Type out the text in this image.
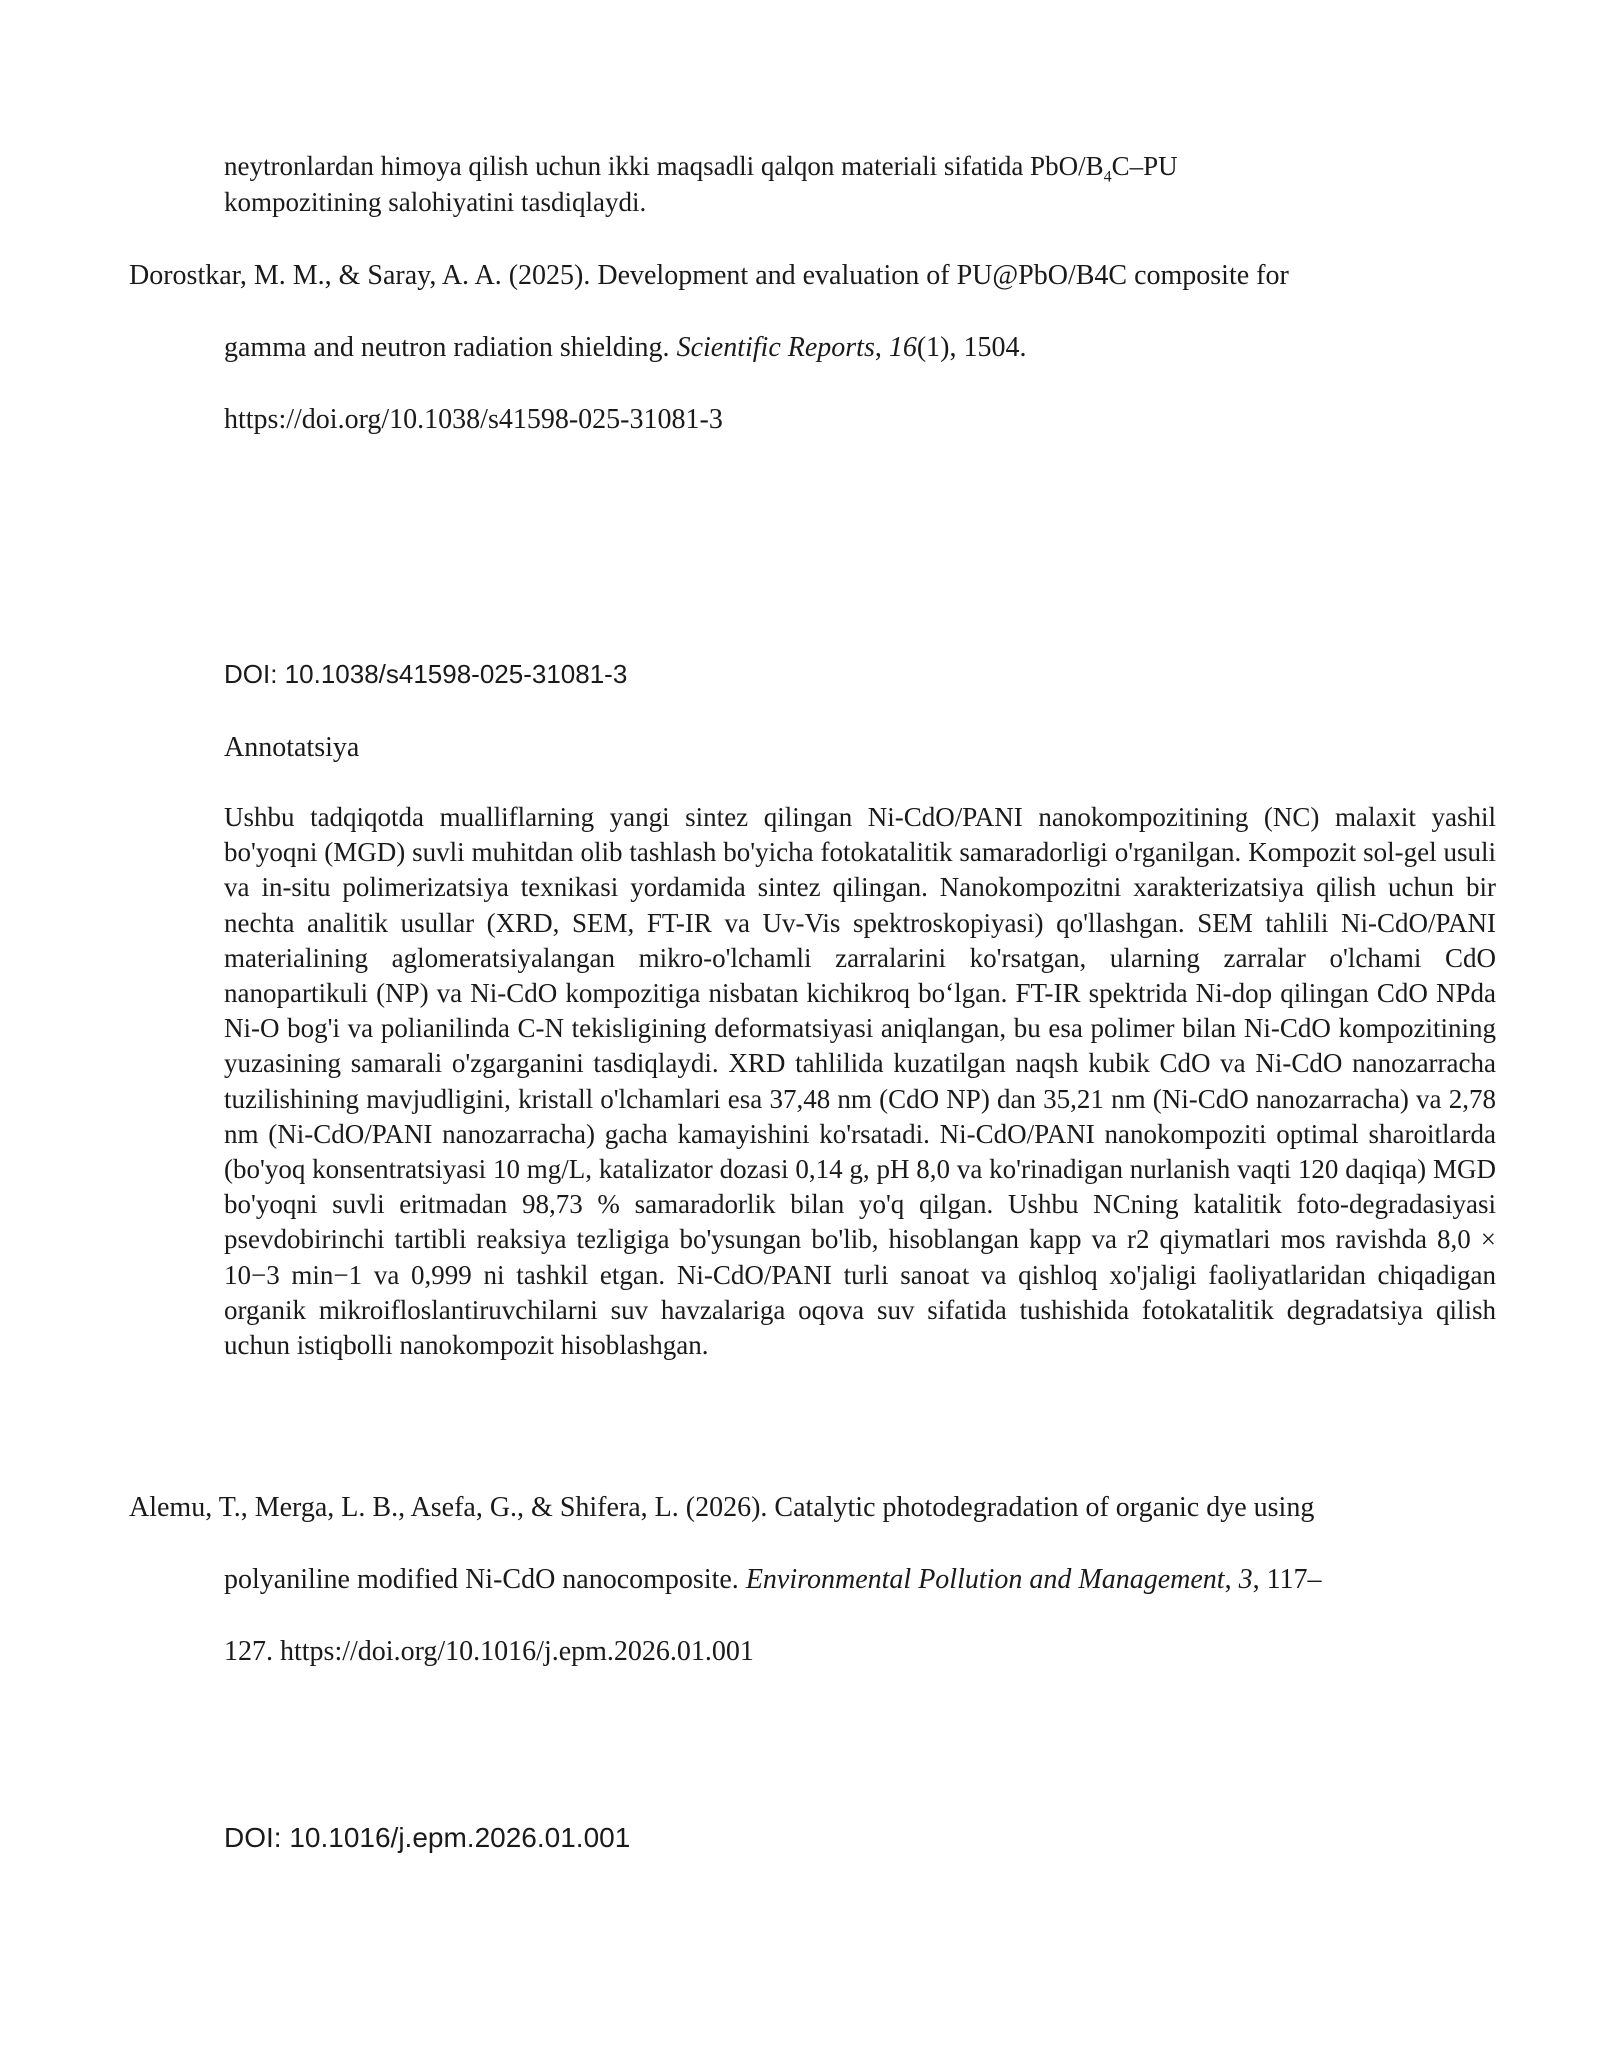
neytronlardan himoya qilish uchun ikki maqsadli qalqon materiali sifatida PbO/$B_4C-PU$
kompozitining salohiyatini tasdiqlaydi.
Dorostkar, M. M., & Saray, A. A. (2025). Development and evaluation of PU@PbO/B4C composite for
gamma and neutron radiation shielding. Scientific Reports, 16(1), 1504.
https://doi.org/10.1038/s41598-025-31081-3
DOI: 10.1038/s41598-025-31081-3
Annotatsiya

Ushbu tadqiqotda mualliflarning yangi sintez qilingan Ni-CdO/PANI nanokompozitining (NC) malaxit yashil bo'yoqni (MGD) suvli muhitdan olib tashlash bo'yicha fotokatalitik samaradorligi o'rganilgan. Kompozit sol-gel usuli va in-situ polimerizatsiya texnikasi yordamida sintez qilingan. Nanokompozitni xarakterizatsiya qilish uchun bir nechta analitik usullar (XRD, SEM, FT-IR va Uv-Vis spektroskopiyasi) qo'llashgan. SEM tahlili Ni-CdO/PANI materialining aglomeratsiyalangan mikro-o'lchamli zarralarini ko'rsatgan, ularning zarralar o'lchami CdO nanopartikuli (NP) va Ni-CdO kompozitiga nisbatan kichikroq bo‘lgan. FT-IR spektrida Ni-dop qilingan CdO NPda Ni-O bog'i va polianilinda C-N tekisligining deformatsiyasi aniqlangan, bu esa polimer bilan Ni-CdO kompozitining yuzasining samarali o'zgarganini tasdiqlaydi. XRD tahlilida kuzatilgan naqsh kubik CdO va Ni-CdO nanozarracha tuzilishining mavjudligini, kristall o'lchamlari esa 37,48 nm (CdO NP) dan 35,21 nm (Ni-CdO nanozarracha) va 2,78 nm (Ni-CdO/PANI nanozarracha) gacha kamayishini ko'rsatadi. Ni-CdO/PANI nanokompoziti optimal sharoitlarda (bo'yoq konsentratsiyasi 10 mg/L, katalizator dozasi 0,14 g, pH 8,0 va ko'rinadigan nurlanish vaqti 120 daqiqa) MGD bo'yoqni suvli eritmadan 98,73 % samaradorlik bilan yo'q qilgan. Ushbu NCning katalitik foto-degradasiyasi psevdobirinchi tartibli reaksiya tezligiga bo'ysungan bo'lib, hisoblangan kapp va r2 qiymatlari mos ravishda 8,0 × 10−3 min−1 va 0,999 ni tashkil etgan. Ni-CdO/PANI turli sanoat va qishloq xo'jaligi faoliyatlaridan chiqadigan organik mikroifloslantiruvchilarni suv havzalariga oqova suv sifatida tushishida fotokatalitik degradatsiya qilish uchun istiqbolli nanokompozit hisoblashgan.

Alemu, T., Merga, L. B., Asefa, G., & Shifera, L. (2026). Catalytic photodegradation of organic dye using
polyaniline modified Ni-CdO nanocomposite. Environmental Pollution and Management, 3, 117–
127. https://doi.org/10.1016/j.epm.2026.01.001
DOI: 10.1016/j.epm.2026.01.001
